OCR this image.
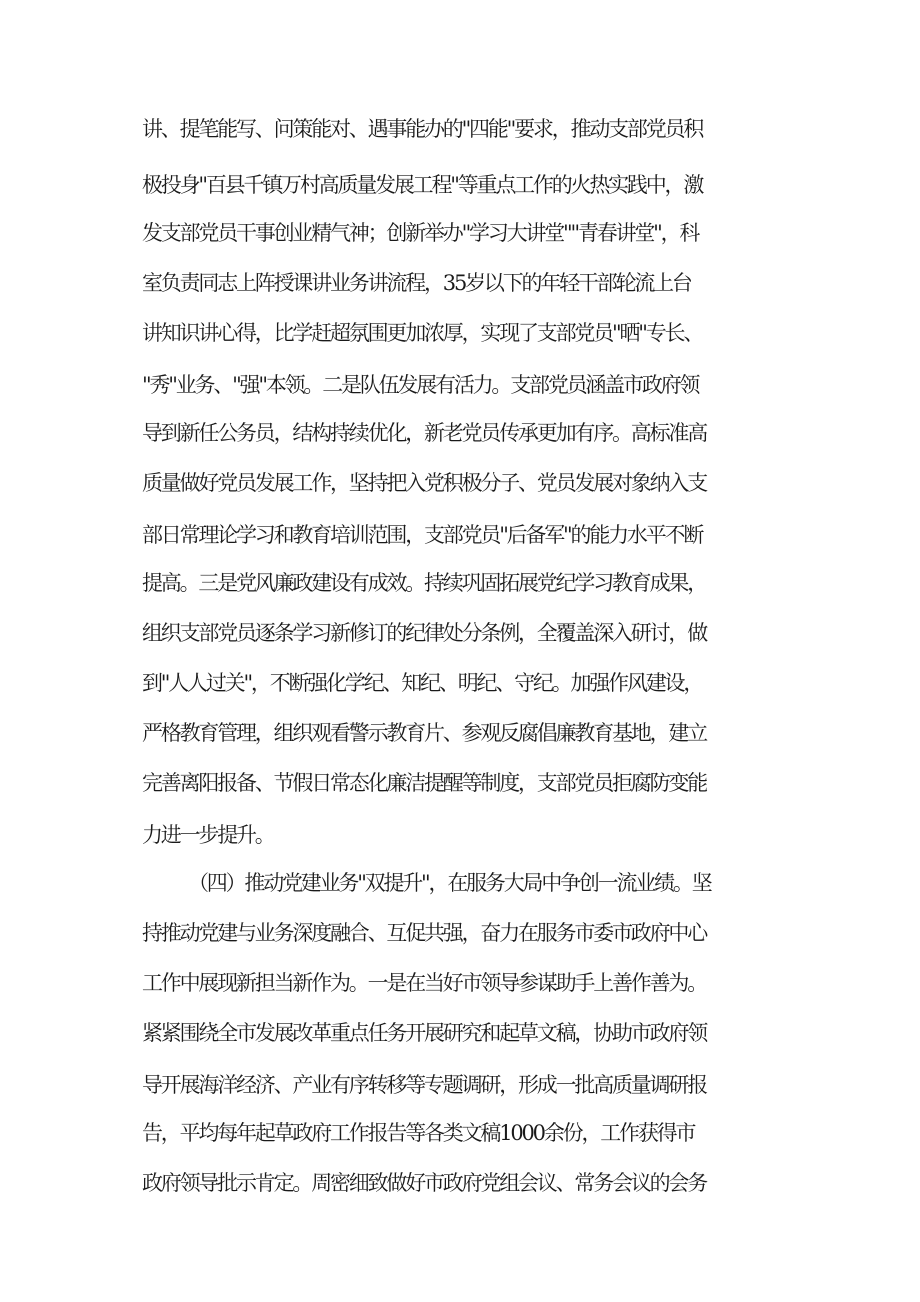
讲、提笔能写、问策能对、遇事能办的"四能"要求，推动支部党员积
极投身"百县千镇万村高质量发展工程"等重点工作的火热实践中，激
发支部党员干事创业精气神；创新举办"学习大讲堂""青春讲堂"，科
室负责同志上阵授课讲业务讲流程，35岁以下的年轻干部轮流上台
讲知识讲心得，比学赶超氛围更加浓厚，实现了支部党员"晒"专长、
"秀"业务、"强"本领。二是队伍发展有活力。支部党员涵盖市政府领
导到新任公务员，结构持续优化，新老党员传承更加有序。高标准高
质量做好党员发展工作，坚持把入党积极分子、党员发展对象纳入支
部日常理论学习和教育培训范围，支部党员"后备军"的能力水平不断
提高。三是党风廉政建设有成效。持续巩固拓展党纪学习教育成果，
组织支部党员逐条学习新修订的纪律处分条例，全覆盖深入研讨，做
到"人人过关"，不断强化学纪、知纪、明纪、守纪。加强作风建设，
严格教育管理，组织观看警示教育片、参观反腐倡廉教育基地，建立
完善离阳报备、节假日常态化廉洁提醒等制度，支部党员拒腐防变能
力进一步提升。
（四）推动党建业务"双提升"，在服务大局中争创一流业绩。坚
持推动党建与业务深度融合、互促共强，奋力在服务市委市政府中心
工作中展现新担当新作为。一是在当好市领导参谋助手上善作善为。
紧紧围绕全市发展改革重点任务开展研究和起草文稿，协助市政府领
导开展海洋经济、产业有序转移等专题调研，形成一批高质量调研报
告，平均每年起草政府工作报告等各类文稿1000余份，工作获得市
政府领导批示肯定。周密细致做好市政府党组会议、常务会议的会务
